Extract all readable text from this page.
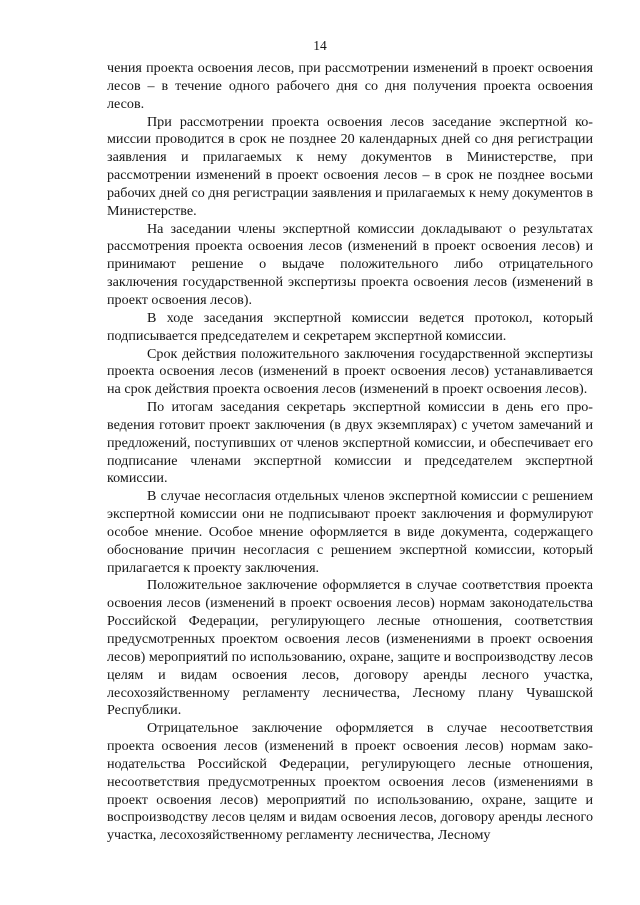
14

чения проекта освоения лесов, при рассмотрении изменений в проект освоения лесов – в течение одного рабочего дня со дня получения проекта освоения лесов.

При рассмотрении проекта освоения лесов заседание экспертной комиссии проводится в срок не позднее 20 календарных дней со дня регистрации заявления и прилагаемых к нему документов в Министерстве, при рассмотрении изменений в проект освоения лесов – в срок не позднее восьми рабочих дней со дня регистрации заявления и прилагаемых к нему документов в Министерстве.

На заседании члены экспертной комиссии докладывают о результатах рассмотрения проекта освоения лесов (изменений в проект освоения лесов) и принимают решение о выдаче положительного либо отрицательного заключения государственной экспертизы проекта освоения лесов (изменений в проект освоения лесов).

В ходе заседания экспертной комиссии ведется протокол, который подписывается председателем и секретарем экспертной комиссии.

Срок действия положительного заключения государственной экспертизы проекта освоения лесов (изменений в проект освоения лесов) устанавливается на срок действия проекта освоения лесов (изменений в проект освоения лесов).

По итогам заседания секретарь экспертной комиссии в день его проведения готовит проект заключения (в двух экземплярах) с учетом замечаний и предложений, поступивших от членов экспертной комиссии, и обеспечивает его подписание членами экспертной комиссии и председателем экспертной комиссии.

В случае несогласия отдельных членов экспертной комиссии с решением экспертной комиссии они не подписывают проект заключения и формулируют особое мнение. Особое мнение оформляется в виде документа, содержащего обоснование причин несогласия с решением экспертной комиссии, который прилагается к проекту заключения.

Положительное заключение оформляется в случае соответствия проекта освоения лесов (изменений в проект освоения лесов) нормам законодательства Российской Федерации, регулирующего лесные отношения, соответствия предусмотренных проектом освоения лесов (изменениями в проект освоения лесов) мероприятий по использованию, охране, защите и воспроизводству лесов целям и видам освоения лесов, договору аренды лесного участка, лесохозяйственному регламенту лесничества, Лесному плану Чувашской Республики.

Отрицательное заключение оформляется в случае несоответствия проекта освоения лесов (изменений в проект освоения лесов) нормам законодательства Российской Федерации, регулирующего лесные отношения, несоответствия предусмотренных проектом освоения лесов (изменениями в проект освоения лесов) мероприятий по использованию, охране, защите и воспроизводству лесов целям и видам освоения лесов, договору аренды лесного участка, лесохозяйственному регламенту лесничества, Лесному
